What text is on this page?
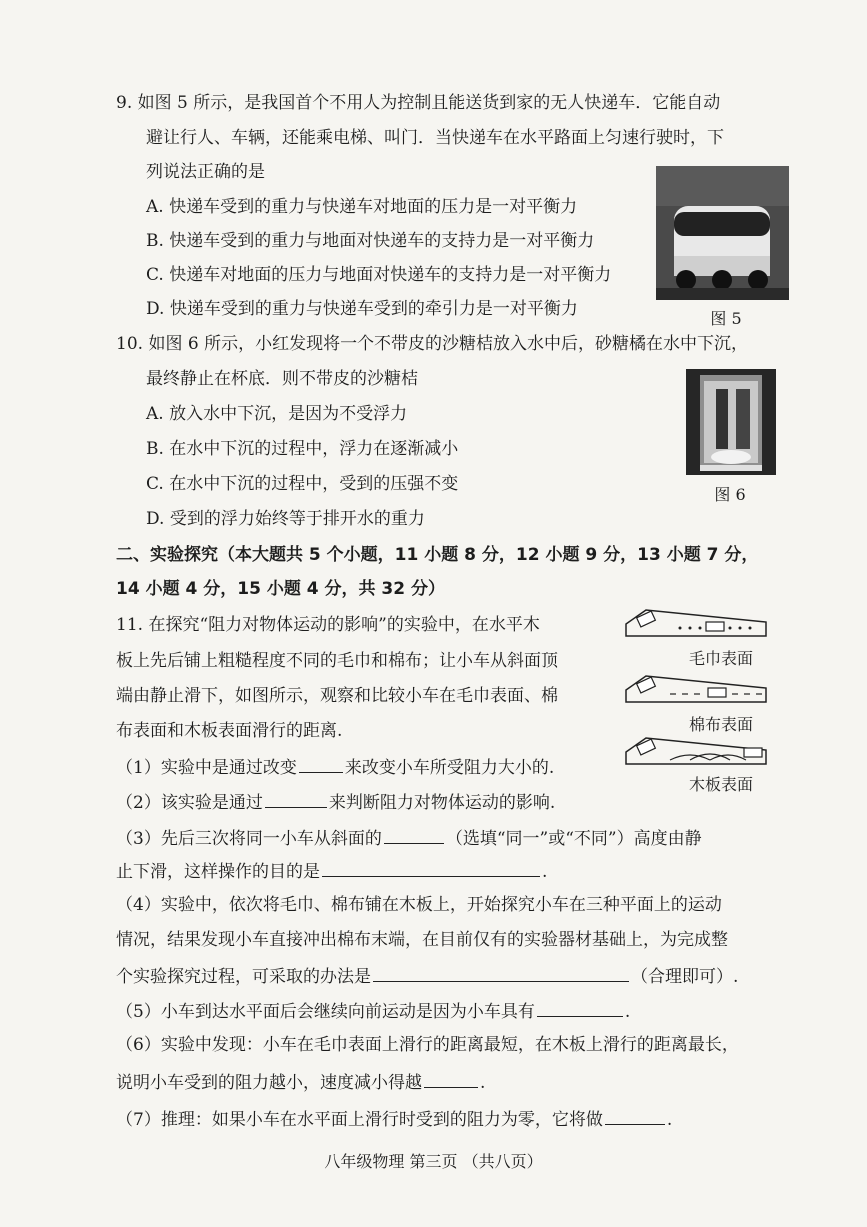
9. 如图 5 所示，是我国首个不用人为控制且能送货到家的无人快递车．它能自动
避让行人、车辆，还能乘电梯、叫门．当快递车在水平路面上匀速行驶时，下
列说法正确的是
A. 快递车受到的重力与快递车对地面的压力是一对平衡力
B. 快递车受到的重力与地面对快递车的支持力是一对平衡力
C. 快递车对地面的压力与地面对快递车的支持力是一对平衡力
D. 快递车受到的重力与快递车受到的牵引力是一对平衡力	图 5
10. 如图 6 所示，小红发现将一个不带皮的沙糖桔放入水中后，砂糖橘在水中下沉，
最终静止在杯底．则不带皮的沙糖桔
A. 放入水中下沉，是因为不受浮力
B. 在水中下沉的过程中，浮力在逐渐减小
C. 在水中下沉的过程中，受到的压强不变
D. 受到的浮力始终等于排开水的重力
图 6
二、实验探究（本大题共 5 个小题，11 小题 8 分，12 小题 9 分，13 小题 7 分，
14 小题 4 分，15 小题 4 分，共 32 分）
11. 在探究“阻力对物体运动的影响”的实验中，在水平木
板上先后铺上粗糙程度不同的毛巾和棉布；让小车从斜面顶
端由静止滑下，如图所示，观察和比较小车在毛巾表面、棉
布表面和木板表面滑行的距离.
毛巾表面
棉布表面
木板表面
（1）实验中是通过改变	来改变小车所受阻力大小的.
（2）该实验是通过	来判断阻力对物体运动的影响.
（3）先后三次将同一小车从斜面的	（选填“同一”或“不同”）高度由静
止下滑，这样操作的目的是	.
（4）实验中，依次将毛巾、棉布铺在木板上，开始探究小车在三种平面上的运动
情况，结果发现小车直接冲出棉布末端，在目前仅有的实验器材基础上，为完成整
个实验探究过程，可采取的办法是	（合理即可）.
（5）小车到达水平面后会继续向前运动是因为小车具有	.
（6）实验中发现：小车在毛巾表面上滑行的距离最短，在木板上滑行的距离最长，
说明小车受到的阻力越小，速度减小得越	.
（7）推理：如果小车在水平面上滑行时受到的阻力为零，它将做	.
八年级物理 第三页 （共八页）
